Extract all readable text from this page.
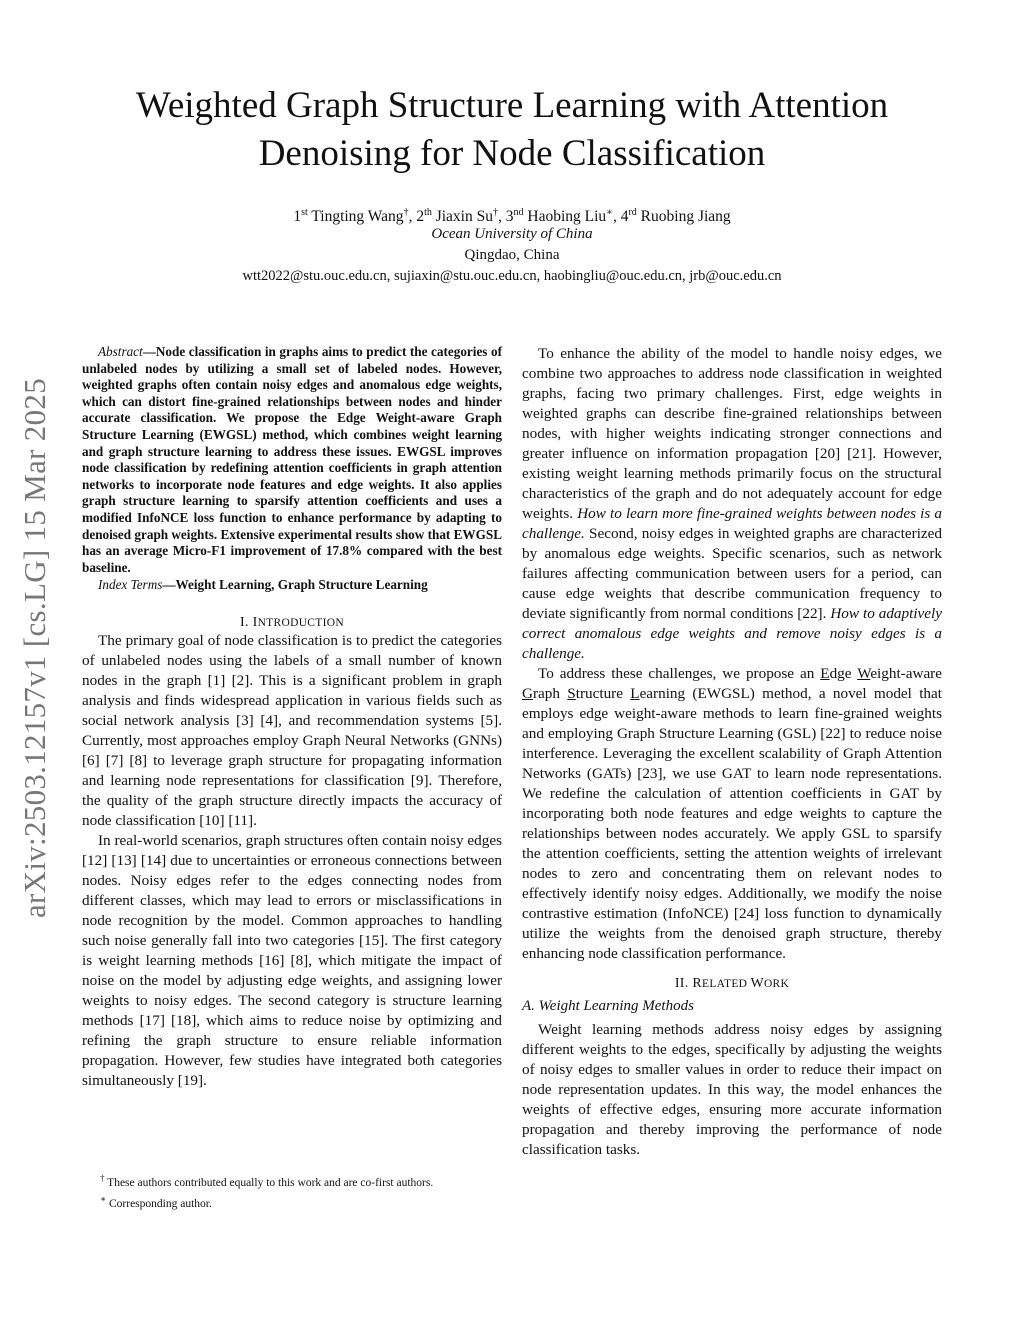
arXiv:2503.12157v1 [cs.LG] 15 Mar 2025
Weighted Graph Structure Learning with Attention
Denoising for Node Classification
1st Tingting Wang†, 2th Jiaxin Su†, 3nd Haobing Liu∗, 4rd Ruobing Jiang
Ocean University of China
Qingdao, China
wtt2022@stu.ouc.edu.cn, sujiaxin@stu.ouc.edu.cn, haobingliu@ouc.edu.cn, jrb@ouc.edu.cn

Abstract—Node classification in graphs aims to predict the categories of unlabeled nodes by utilizing a small set of labeled nodes. However, weighted graphs often contain noisy edges and anomalous edge weights, which can distort fine-grained relationships between nodes and hinder accurate classification. We propose the Edge Weight-aware Graph Structure Learning (EWGSL) method, which combines weight learning and graph structure learning to address these issues. EWGSL improves node classification by redefining attention coefficients in graph attention networks to incorporate node features and edge weights. It also applies graph structure learning to sparsify attention coefficients and uses a modified InfoNCE loss function to enhance performance by adapting to denoised graph weights. Extensive experimental results show that EWGSL has an average Micro-F1 improvement of 17.8% compared with the best baseline.

Index Terms—Weight Learning, Graph Structure Learning

I. INTRODUCTION

The primary goal of node classification is to predict the categories of unlabeled nodes using the labels of a small number of known nodes in the graph [1] [2]. This is a significant problem in graph analysis and finds widespread application in various fields such as social network analysis [3] [4], and recommendation systems [5]. Currently, most approaches employ Graph Neural Networks (GNNs) [6] [7] [8] to leverage graph structure for propagating information and learning node representations for classification [9]. Therefore, the quality of the graph structure directly impacts the accuracy of node classification [10] [11].

In real-world scenarios, graph structures often contain noisy edges [12] [13] [14] due to uncertainties or erroneous connections between nodes. Noisy edges refer to the edges connecting nodes from different classes, which may lead to errors or misclassifications in node recognition by the model. Common approaches to handling such noise generally fall into two categories [15]. The first category is weight learning methods [16] [8], which mitigate the impact of noise on the model by adjusting edge weights, and assigning lower weights to noisy edges. The second category is structure learning methods [17] [18], which aims to reduce noise by optimizing and refining the graph structure to ensure reliable information propagation. However, few studies have integrated both categories simultaneously [19].

To enhance the ability of the model to handle noisy edges, we combine two approaches to address node classification in weighted graphs, facing two primary challenges. First, edge weights in weighted graphs can describe fine-grained relationships between nodes, with higher weights indicating stronger connections and greater influence on information propagation [20] [21]. However, existing weight learning methods primarily focus on the structural characteristics of the graph and do not adequately account for edge weights. How to learn more fine-grained weights between nodes is a challenge. Second, noisy edges in weighted graphs are characterized by anomalous edge weights. Specific scenarios, such as network failures affecting communication between users for a period, can cause edge weights that describe communication frequency to deviate significantly from normal conditions [22]. How to adaptively correct anomalous edge weights and remove noisy edges is a challenge.

To address these challenges, we propose an Edge Weight-aware Graph Structure Learning (EWGSL) method, a novel model that employs edge weight-aware methods to learn fine-grained weights and employing Graph Structure Learning (GSL) [22] to reduce noise interference. Leveraging the excellent scalability of Graph Attention Networks (GATs) [23], we use GAT to learn node representations. We redefine the calculation of attention coefficients in GAT by incorporating both node features and edge weights to capture the relationships between nodes accurately. We apply GSL to sparsify the attention coefficients, setting the attention weights of irrelevant nodes to zero and concentrating them on relevant nodes to effectively identify noisy edges. Additionally, we modify the noise contrastive estimation (InfoNCE) [24] loss function to dynamically utilize the weights from the denoised graph structure, thereby enhancing node classification performance.

II. RELATED WORK

A. Weight Learning Methods

Weight learning methods address noisy edges by assigning different weights to the edges, specifically by adjusting the weights of noisy edges to smaller values in order to reduce their impact on node representation updates. In this way, the model enhances the weights of effective edges, ensuring more accurate information propagation and thereby improving the performance of node classification tasks.

† These authors contributed equally to this work and are co-first authors.

∗ Corresponding author.
